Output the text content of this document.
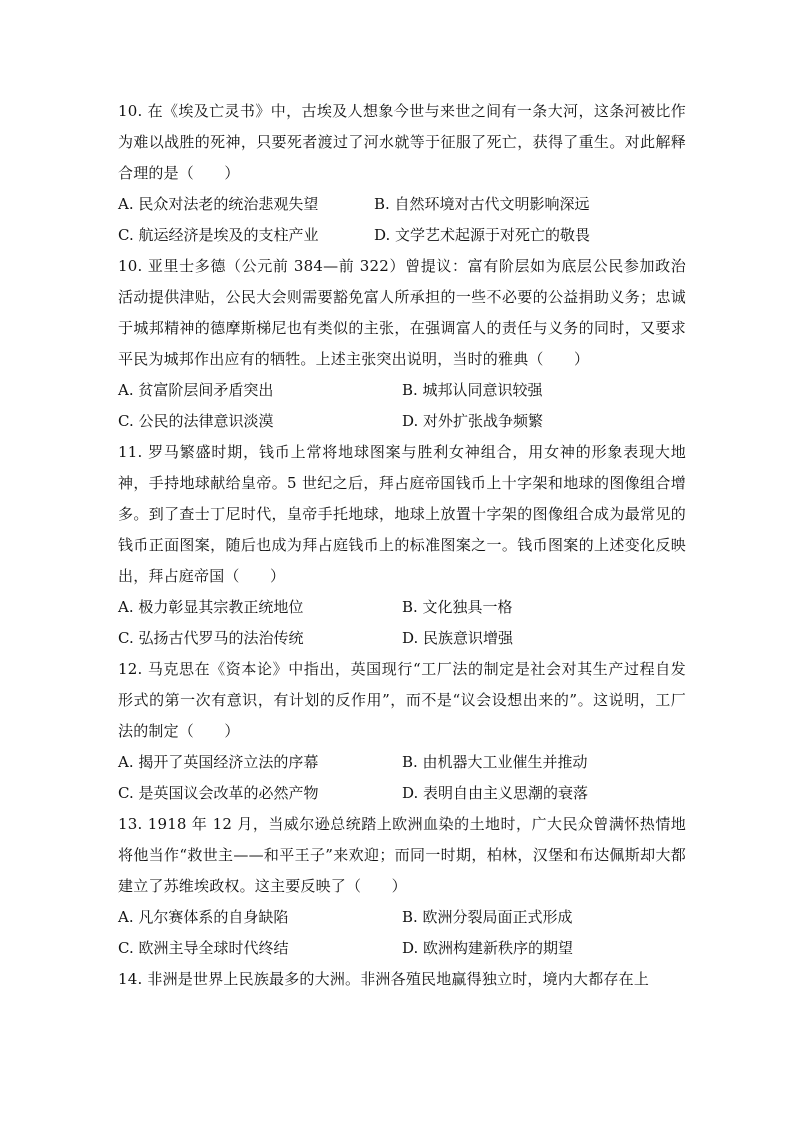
10. 在《埃及亡灵书》中，古埃及人想象今世与来世之间有一条大河，这条河被比作为难以战胜的死神，只要死者渡过了河水就等于征服了死亡，获得了重生。对此解释合理的是（　　）

A. 民众对法老的统治悲观失望	B. 自然环境对古代文明影响深远
C. 航运经济是埃及的支柱产业	D. 文学艺术起源于对死亡的敬畏

10. 亚里士多德（公元前 384—前 322）曾提议：富有阶层如为底层公民参加政治活动提供津贴，公民大会则需要豁免富人所承担的一些不必要的公益捐助义务；忠诚于城邦精神的德摩斯梯尼也有类似的主张，在强调富人的责任与义务的同时，又要求平民为城邦作出应有的牺牲。上述主张突出说明，当时的雅典（　　）

A. 贫富阶层间矛盾突出	B. 城邦认同意识较强
C. 公民的法律意识淡漠	D. 对外扩张战争频繁

11. 罗马繁盛时期，钱币上常将地球图案与胜利女神组合，用女神的形象表现大地神，手持地球献给皇帝。5 世纪之后，拜占庭帝国钱币上十字架和地球的图像组合增多。到了查士丁尼时代，皇帝手托地球，地球上放置十字架的图像组合成为最常见的钱币正面图案，随后也成为拜占庭钱币上的标准图案之一。钱币图案的上述变化反映出，拜占庭帝国（　　）

A. 极力彰显其宗教正统地位	B. 文化独具一格
C. 弘扬古代罗马的法治传统	D. 民族意识增强

12. 马克思在《资本论》中指出，英国现行“工厂法的制定是社会对其生产过程自发形式的第一次有意识，有计划的反作用”，而不是“议会设想出来的”。这说明，工厂法的制定（　　）

A. 揭开了英国经济立法的序幕	B. 由机器大工业催生并推动
C. 是英国议会改革的必然产物	D. 表明自由主义思潮的衰落

13. 1918 年 12 月，当威尔逊总统踏上欧洲血染的土地时，广大民众曾满怀热情地将他当作“救世主——和平王子”来欢迎；而同一时期，柏林，汉堡和布达佩斯却大都建立了苏维埃政权。这主要反映了（　　）

A. 凡尔赛体系的自身缺陷	B. 欧洲分裂局面正式形成
C. 欧洲主导全球时代终结	D. 欧洲构建新秩序的期望

14. 非洲是世界上民族最多的大洲。非洲各殖民地赢得独立时，境内大都存在上
